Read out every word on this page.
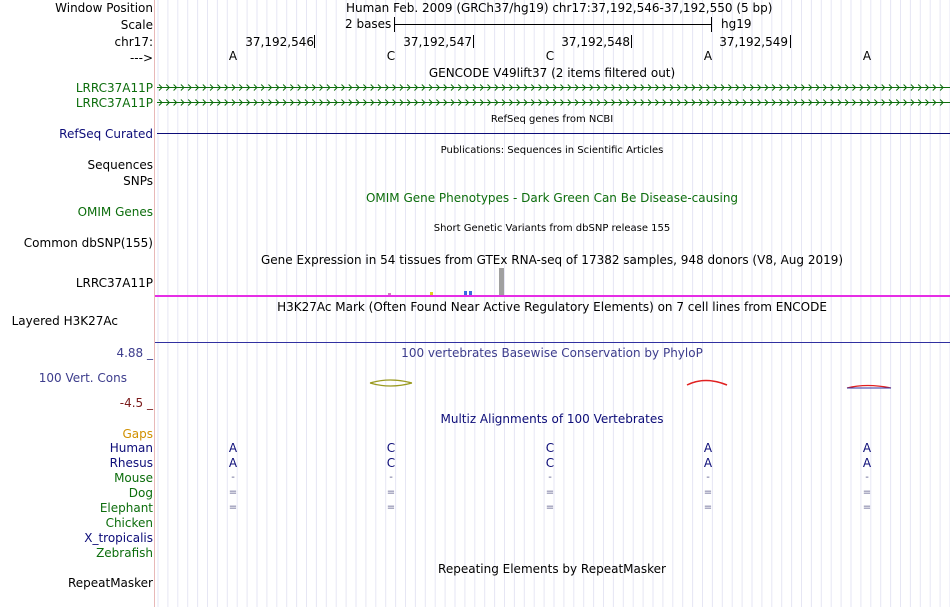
Window Position	Human Feb. 2009 (GRCh37/hg19) chr17:37,192,546-37,192,550 (5 bp)
Scale	2 bases	hg19
chr17:	37,192,546	37,192,547	37,192,548	37,192,549
--->	A	C	C	A	A
GENCODE V49lift37 (2 items filtered out)
LRRC37A11P
LRRC37A11P
RefSeq genes from NCBI
RefSeq Curated
Publications: Sequences in Scientific Articles
Sequences
SNPs
OMIM Gene Phenotypes - Dark Green Can Be Disease-causing
OMIM Genes
Short Genetic Variants from dbSNP release 155
Common dbSNP(155)
Gene Expression in 54 tissues from GTEx RNA-seq of 17382 samples, 948 donors (V8, Aug 2019)
LRRC37A11P
H3K27Ac Mark (Often Found Near Active Regulatory Elements) on 7 cell lines from ENCODE
Layered H3K27Ac
100 vertebrates Basewise Conservation by PhyloP
4.88 _
100 Vert. Cons
-4.5 _
Multiz Alignments of 100 Vertebrates
Gaps
Human	A	C	C	A	A
Rhesus	A	C	C	A	A
Mouse	-	-	-	-	-
Dog	=	=	=	=	=
Elephant	=	=	=	=	=
Chicken
X_tropicalis
Zebrafish
Repeating Elements by RepeatMasker
RepeatMasker
